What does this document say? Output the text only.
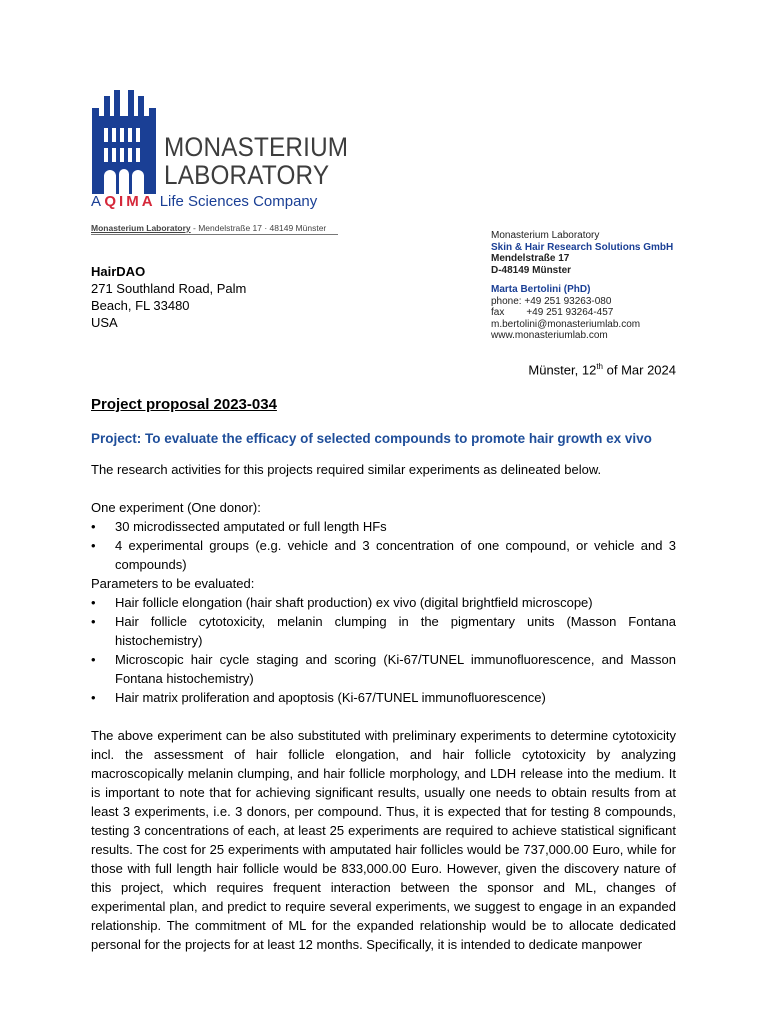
MONASTERIUM
LABORATORY
A QIMA Life Sciences Company
Monasterium Laboratory - Mendelstraße 17 · 48149 Münster
HairDAO
271 Southland Road, Palm
Beach, FL 33480
USA
Monasterium Laboratory
Skin & Hair Research Solutions GmbH
Mendelstraße 17
D-48149 Münster
Marta Bertolini (PhD)
phone: +49 251 93263-080
fax +49 251 93264-457
m.bertolini@monasteriumlab.com
www.monasteriumlab.com
Münster, 12th of Mar 2024
Project proposal 2023-034
Project: To evaluate the efficacy of selected compounds to promote hair growth ex vivo

The research activities for this projects required similar experiments as delineated below.

One experiment (One donor):

• 30 microdissected amputated or full length HFs
• 4 experimental groups (e.g. vehicle and 3 concentration of one compound, or vehicle and 3 compounds)

Parameters to be evaluated:

• Hair follicle elongation (hair shaft production) ex vivo (digital brightfield microscope)
• Hair follicle cytotoxicity, melanin clumping in the pigmentary units (Masson Fontana histochemistry)
• Microscopic hair cycle staging and scoring (Ki-67/TUNEL immunofluorescence, and Masson Fontana histochemistry)
• Hair matrix proliferation and apoptosis (Ki-67/TUNEL immunofluorescence)

The above experiment can be also substituted with preliminary experiments to determine cytotoxicity incl. the assessment of hair follicle elongation, and hair follicle cytotoxicity by analyzing macroscopically melanin clumping, and hair follicle morphology, and LDH release into the medium. It is important to note that for achieving significant results, usually one needs to obtain results from at least 3 experiments, i.e. 3 donors, per compound. Thus, it is expected that for testing 8 compounds, testing 3 concentrations of each, at least 25 experiments are required to achieve statistical significant results. The cost for 25 experiments with amputated hair follicles would be 737,000.00 Euro, while for those with full length hair follicle would be 833,000.00 Euro. However, given the discovery nature of this project, which requires frequent interaction between the sponsor and ML, changes of experimental plan, and predict to require several experiments, we suggest to engage in an expanded relationship. The commitment of ML for the expanded relationship would be to allocate dedicated personal for the projects for at least 12 months. Specifically, it is intended to dedicate manpower
